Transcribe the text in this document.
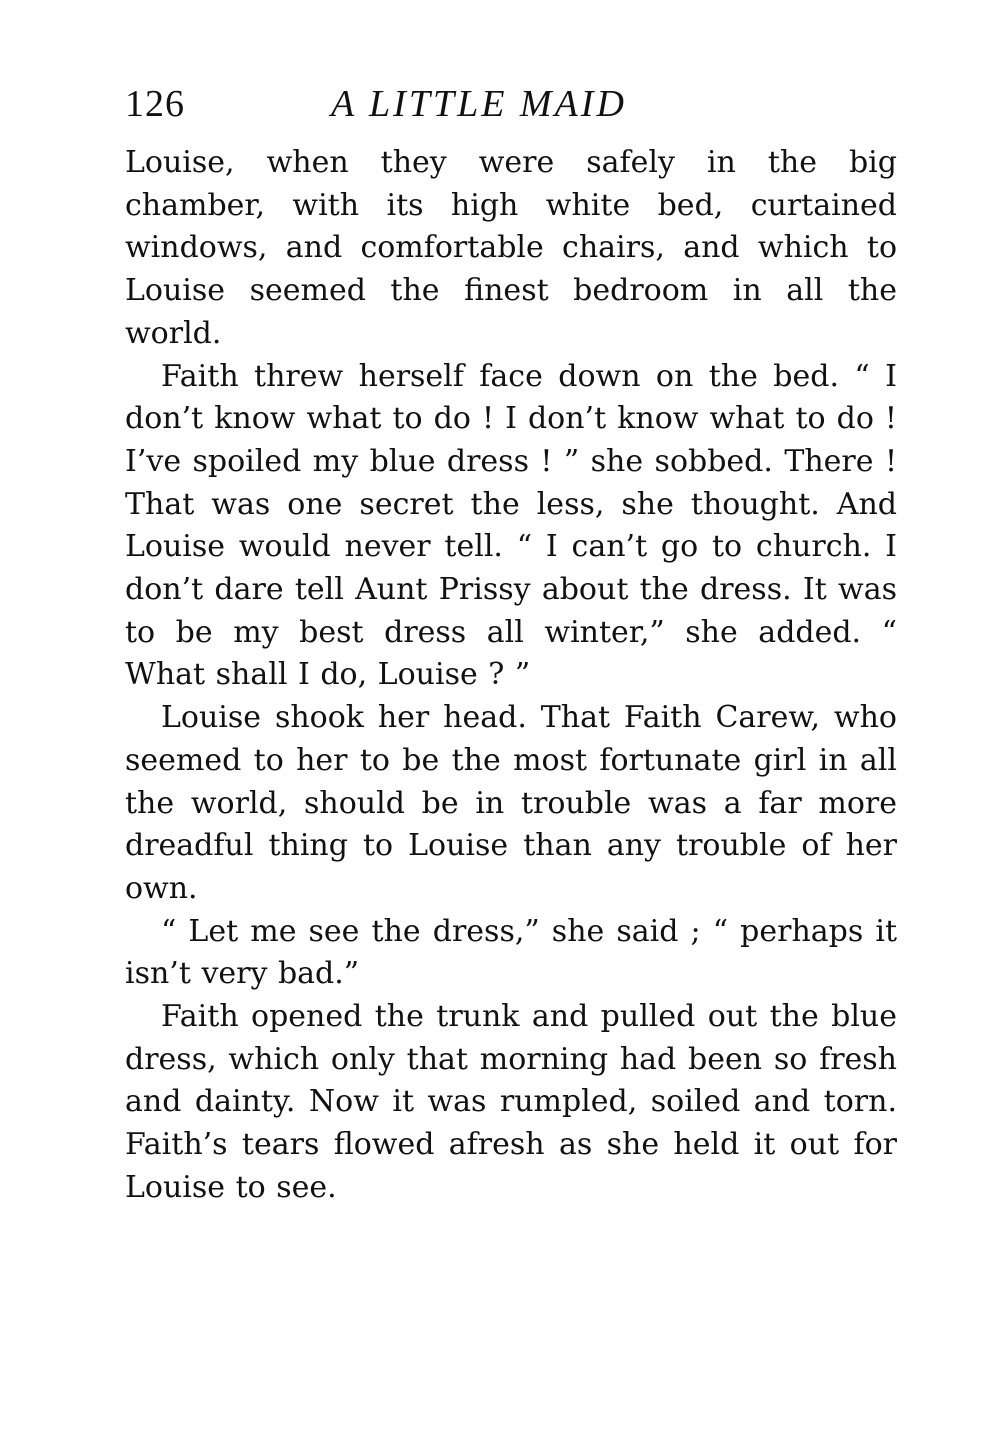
126	A LITTLE MAID

Louise, when they were safely in the big chamber, with its high white bed, curtained windows, and comfortable chairs, and which to Louise seemed the finest bedroom in all the world.

Faith threw herself face down on the bed. “ I don’t know what to do ! I don’t know what to do ! I’ve spoiled my blue dress ! ” she sobbed. There ! That was one secret the less, she thought. And Louise would never tell. “ I can’t go to church. I don’t dare tell Aunt Prissy about the dress. It was to be my best dress all winter,” she added. “ What shall I do, Louise ? ”

Louise shook her head. That Faith Carew, who seemed to her to be the most fortunate girl in all the world, should be in trouble was a far more dreadful thing to Louise than any trouble of her own.

“ Let me see the dress,” she said ; “ perhaps it isn’t very bad.”

Faith opened the trunk and pulled out the blue dress, which only that morning had been so fresh and dainty. Now it was rumpled, soiled and torn. Faith’s tears flowed afresh as she held it out for Louise to see.
